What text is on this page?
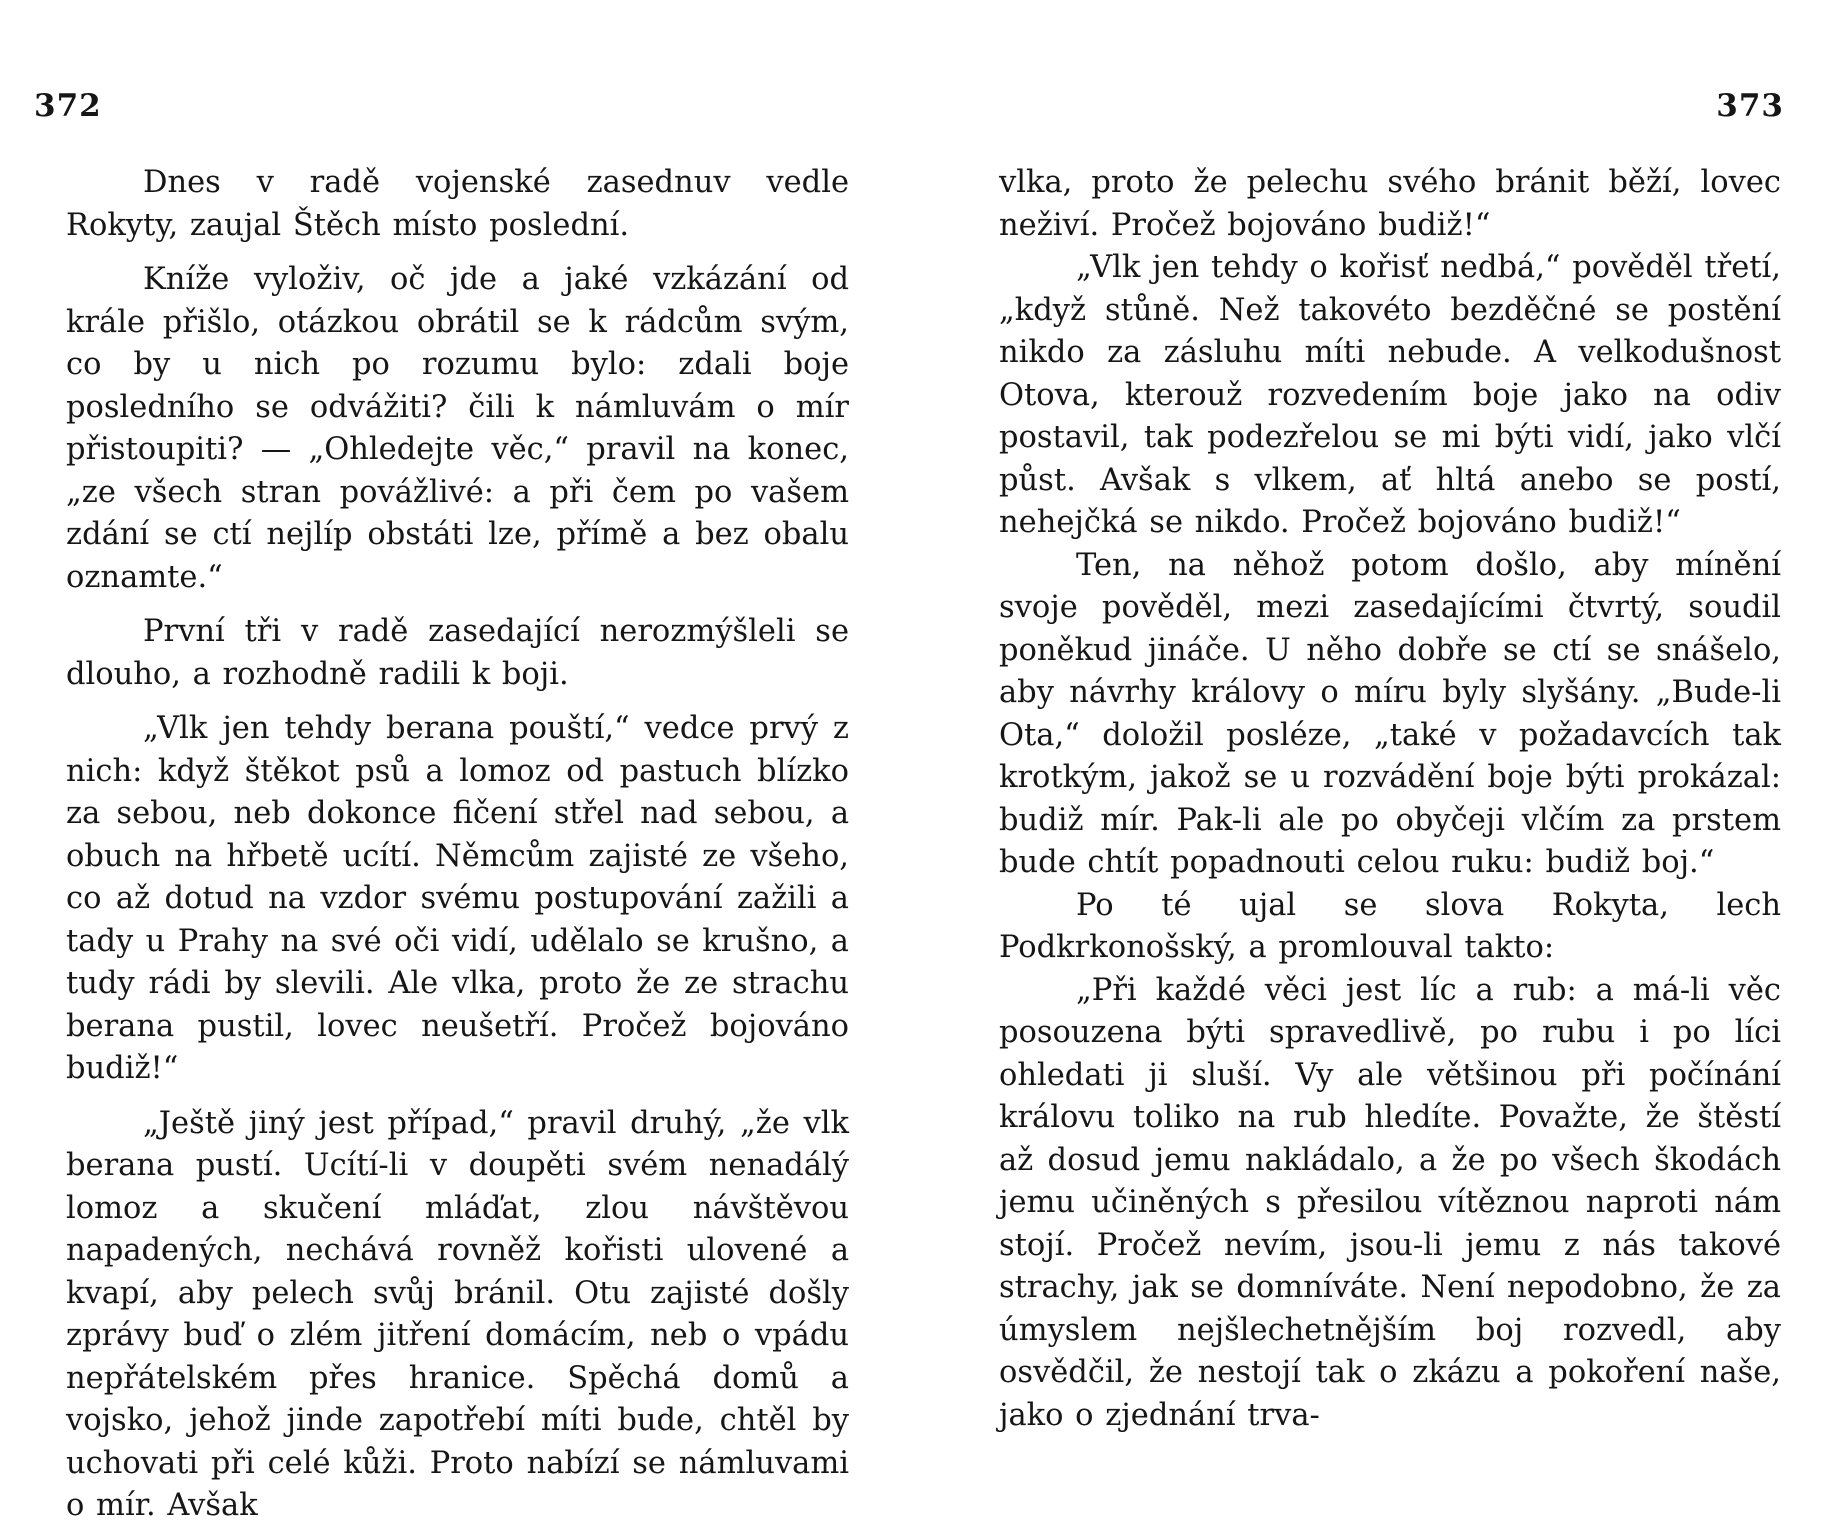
372

Dnes v radě vojenské zasednuv vedle Rokyty, zaujal Štěch místo poslední.

Kníže vyloživ, oč jde a jaké vzkázání od krále přišlo, otázkou obrátil se k rádcům svým, co by u nich po rozumu bylo: zdali boje posledního se odvážiti? čili k námluvám o mír přistoupiti? — „Ohledejte věc,“ pravil na konec, „ze všech stran povážlivé: a při čem po vašem zdání se ctí nejlíp obstáti lze, přímě a bez obalu oznamte.“

První tři v radě zasedající nerozmýšleli se dlouho, a rozhodně radili k boji.

„Vlk jen tehdy berana pouští,“ vedce prvý z nich: když štěkot psů a lomoz od pastuch blízko za sebou, neb dokonce fičení střel nad sebou, a obuch na hřbetě ucítí. Němcům zajisté ze všeho, co až dotud na vzdor svému postupování zažili a tady u Prahy na své oči vidí, udělalo se krušno, a tudy rádi by slevili. Ale vlka, proto že ze strachu berana pustil, lovec neušetří. Pročež bojováno budiž!“

„Ještě jiný jest případ,“ pravil druhý, „že vlk berana pustí. Ucítí-li v doupěti svém nenadálý lomoz a skučení mláďat, zlou návštěvou napadených, nechává rovněž kořisti ulovené a kvapí, aby pelech svůj bránil. Otu zajisté došly zprávy buď o zlém jitření domácím, neb o vpádu nepřátelském přes hranice. Spěchá domů a vojsko, jehož jinde zapotřebí míti bude, chtěl by uchovati při celé kůži. Proto nabízí se námluvami o mír. Avšak

373

vlka, proto že pelechu svého bránit běží, lovec neživí. Pročež bojováno budiž!“

„Vlk jen tehdy o kořisť nedbá,“ pověděl třetí, „když stůně. Než takovéto bezděčné se postění nikdo za zásluhu míti nebude. A velkodušnost Otova, kterouž rozvedením boje jako na odiv postavil, tak podezřelou se mi býti vidí, jako vlčí půst. Avšak s vlkem, ať hltá anebo se postí, nehejčká se nikdo. Pročež bojováno budiž!“

Ten, na něhož potom došlo, aby mínění svoje pověděl, mezi zasedajícími čtvrtý, soudil poněkud jináče. U něho dobře se ctí se snášelo, aby návrhy královy o míru byly slyšány. „Bude-li Ota,“ doložil posléze, „také v požadavcích tak krotkým, jakož se u rozvádění boje býti prokázal: budiž mír. Pak-li ale po obyčeji vlčím za prstem bude chtít popadnouti celou ruku: budiž boj.“

Po té ujal se slova Rokyta, lech Podkrkonošský, a promlouval takto:

„Při každé věci jest líc a rub: a má-li věc posouzena býti spravedlivě, po rubu i po líci ohledati ji sluší. Vy ale většinou při počínání královu toliko na rub hledíte. Považte, že štěstí až dosud jemu nakládalo, a že po všech škodách jemu učiněných s přesilou vítěznou naproti nám stojí. Pročež nevím, jsou-li jemu z nás takové strachy, jak se domníváte. Není nepodobno, že za úmyslem nejšlechetnějším boj rozvedl, aby osvědčil, že nestojí tak o zkázu a pokoření naše, jako o zjednání trva-
